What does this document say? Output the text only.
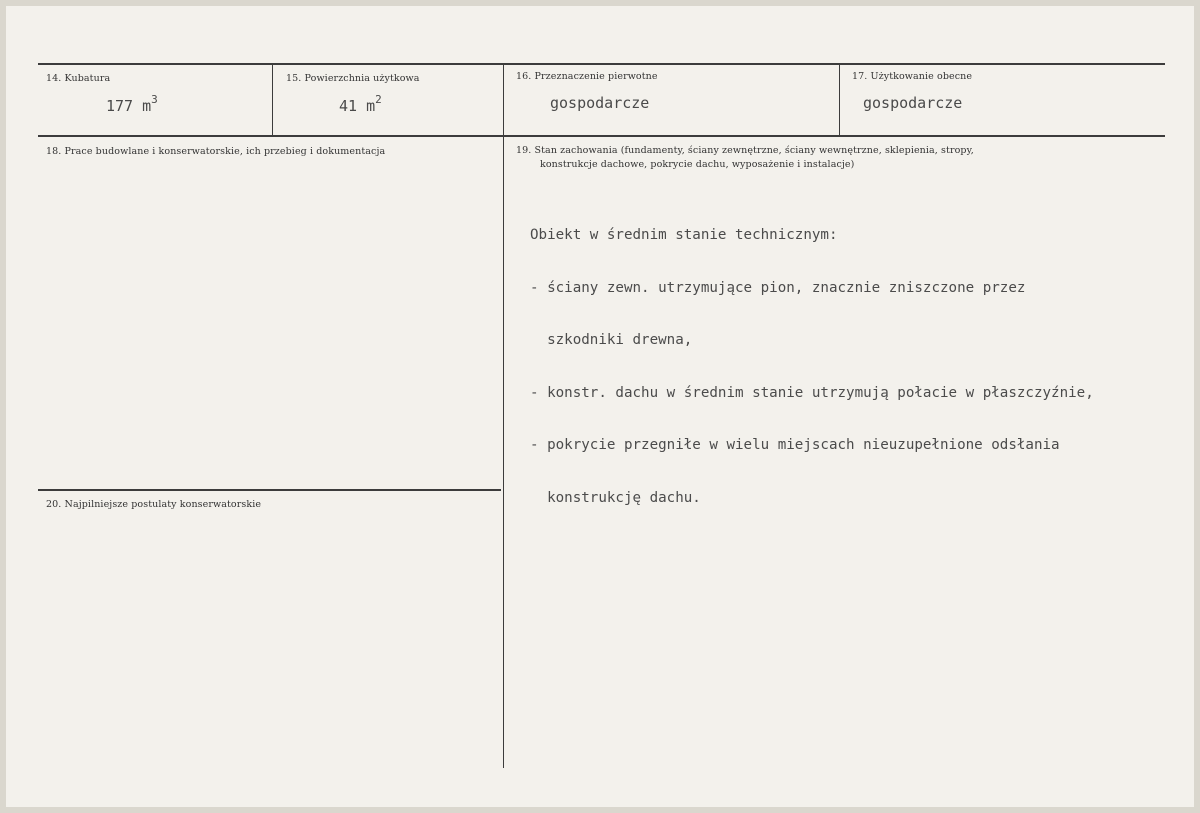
14. Kubatura
177 $m^3$
15. Powierzchnia użytkowa
41 $m^2$
16. Przeznaczenie pierwotne
gospodarcze
17. Użytkowanie obecne
gospodarcze
18. Prace budowlane i konserwatorskie, ich przebieg i dokumentacja	19. Stan zachowania (fundamenty, ściany zewnętrzne, ściany wewnętrzne, sklepienia, stropy,
konstrukcje dachowe, pokrycie dachu, wyposażenie i instalacje)

Obiekt w średnim stanie technicznym:

- ściany zewn. utrzymujące pion, znacznie zniszczone przez

szkodniki drewna,

- konstr. dachu w średnim stanie utrzymują połacie w płaszczyźnie,

- pokrycie przegniłe w wielu miejscach nieuzupełnione odsłania

konstrukcję dachu.

20. Najpilniejsze postulaty konserwatorskie
